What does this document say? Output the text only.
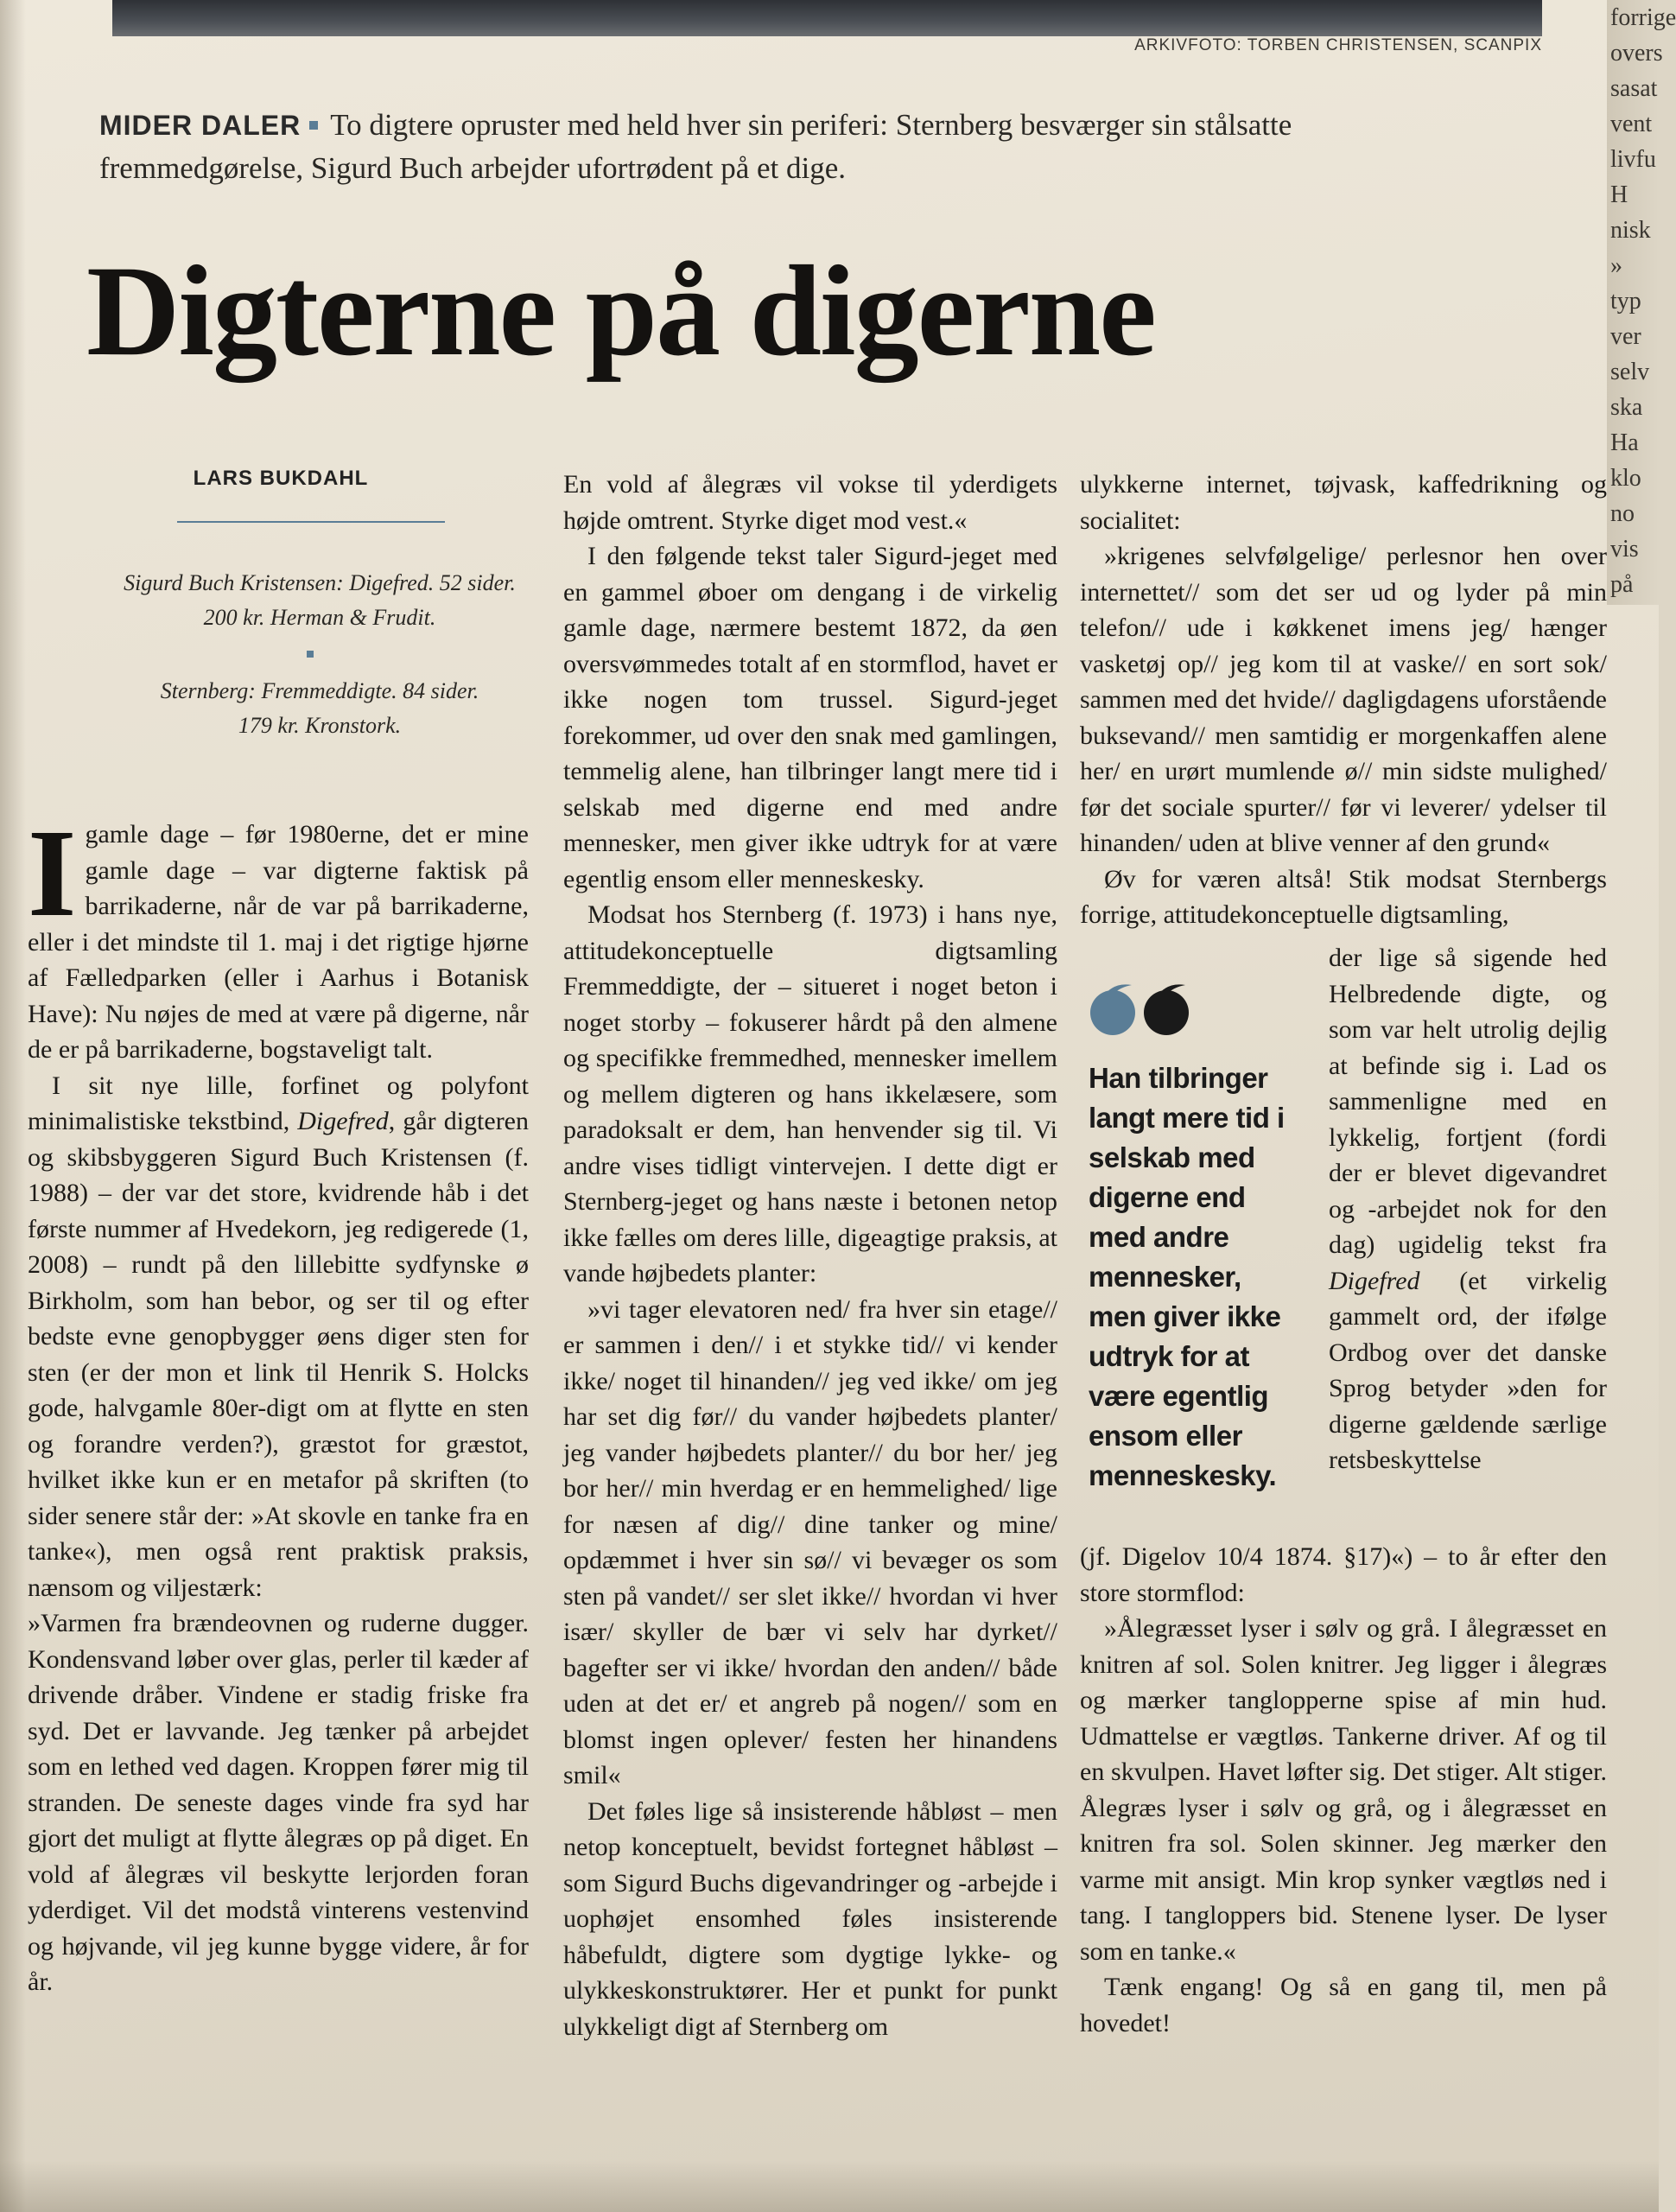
ARKIVFOTO: TORBEN CHRISTENSEN, SCANPIX
forrige
overs
sasat
vent
livfu
H
nisk
»
typ
ver
selv
ska
Ha
klo
no
vis
på
MIDER DALER To digtere opruster med held hver sin periferi: Sternberg besværger sin stålsatte fremmedgørelse, Sigurd Buch arbejder ufortrødent på et dige.
Digterne på digerne
LARS BUKDAHL
Sigurd Buch Kristensen: Digefred. 52 sider.
200 kr. Herman & Frudit.
Sternberg: Fremmeddigte. 84 sider.
179 kr. Kronstork.

I gamle dage – før 1980erne, det er mine gamle dage – var digterne faktisk på barrikaderne, når de var på barrikaderne, eller i det mindste til 1. maj i det rigtige hjørne af Fælledparken (eller i Aarhus i Botanisk Have): Nu nøjes de med at være på digerne, når de er på barrikaderne, bogstaveligt talt.

I sit nye lille, forfinet og polyfont minimalistiske tekstbind, Digefred, går digteren og skibsbyggeren Sigurd Buch Kristensen (f. 1988) – der var det store, kvidrende håb i det første nummer af Hvedekorn, jeg redigerede (1, 2008) – rundt på den lillebitte sydfynske ø Birkholm, som han bebor, og ser til og efter bedste evne genopbygger øens diger sten for sten (er der mon et link til Henrik S. Holcks gode, halvgamle 80er-digt om at flytte en sten og forandre verden?), græstot for græstot, hvilket ikke kun er en metafor på skriften (to sider senere står der: »At skovle en tanke fra en tanke«), men også rent praktisk praksis, nænsom og viljestærk:

»Varmen fra brændeovnen og ruderne dugger. Kondensvand løber over glas, perler til kæder af drivende dråber. Vindene er stadig friske fra syd. Det er lavvande. Jeg tænker på arbejdet som en lethed ved dagen. Kroppen fører mig til stranden. De seneste dages vinde fra syd har gjort det muligt at flytte ålegræs op på diget. En vold af ålegræs vil beskytte lerjorden foran yderdiget. Vil det modstå vinterens vestenvind og højvande, vil jeg kunne bygge videre, år for år.

En vold af ålegræs vil vokse til yderdigets højde omtrent. Styrke diget mod vest.«

I den følgende tekst taler Sigurd-jeget med en gammel øboer om dengang i de virkelig gamle dage, nærmere bestemt 1872, da øen oversvømmedes totalt af en stormflod, havet er ikke nogen tom trussel. Sigurd-jeget forekommer, ud over den snak med gamlingen, temmelig alene, han tilbringer langt mere tid i selskab med digerne end med andre mennesker, men giver ikke udtryk for at være egentlig ensom eller menneskesky.

Modsat hos Sternberg (f. 1973) i hans nye, attitudekonceptuelle digtsamling Fremmeddigte, der – situeret i noget beton i noget storby – fokuserer hårdt på den almene og specifikke fremmedhed, mennesker imellem og mellem digteren og hans ikkelæsere, som paradoksalt er dem, han henvender sig til. Vi andre vises tidligt vintervejen. I dette digt er Sternberg-jeget og hans næste i betonen netop ikke fælles om deres lille, digeagtige praksis, at vande højbedets planter:

»vi tager elevatoren ned/ fra hver sin etage// er sammen i den// i et stykke tid// vi kender ikke/ noget til hinanden// jeg ved ikke/ om jeg har set dig før// du vander højbedets planter/ jeg vander højbedets planter// du bor her/ jeg bor her// min hverdag er en hemmelighed/ lige for næsen af dig// dine tanker og mine/ opdæmmet i hver sin sø// vi bevæger os som sten på vandet// ser slet ikke// hvordan vi hver især/ skyller de bær vi selv har dyrket// bagefter ser vi ikke/ hvordan den anden// både uden at det er/ et angreb på nogen// som en blomst ingen oplever/ festen her hinandens smil«

Det føles lige så insisterende håbløst – men netop konceptuelt, bevidst fortegnet håbløst – som Sigurd Buchs digevandringer og -arbejde i uophøjet ensomhed føles insisterende håbefuldt, digtere som dygtige lykke- og ulykkeskonstruktører. Her et punkt for punkt ulykkeligt digt af Sternberg om

ulykkerne internet, tøjvask, kaffedrikning og socialitet:

»krigenes selvfølgelige/ perlesnor hen over internettet// som det ser ud og lyder på min telefon// ude i køkkenet imens jeg/ hænger vasketøj op// jeg kom til at vaske// en sort sok/ sammen med det hvide// dagligdagens uforstående buksevand// men samtidig er morgenkaffen alene her/ en urørt mumlende ø// min sidste mulighed/ før det sociale spurter// før vi leverer/ ydelser til hinanden/ uden at blive venner af den grund«

Øv for væren altså! Stik modsat Sternbergs forrige, attitudekonceptuelle digtsamling,

Han tilbringer langt mere tid i selskab med digerne end med andre mennesker, men giver ikke udtryk for at være egentlig ensom eller menneskesky.

der lige så sigende hed Helbredende digte, og som var helt utrolig dejlig at befinde sig i. Lad os sammenligne med en lykkelig, fortjent (fordi der er blevet digevandret og -arbejdet nok for den dag) ugidelig tekst fra Digefred (et virkelig gammelt ord, der ifølge Ordbog over det danske Sprog betyder »den for digerne gældende særlige retsbeskyttelse

(jf. Digelov 10/4 1874. §17)«) – to år efter den store stormflod:

»Ålegræsset lyser i sølv og grå. I ålegræsset en knitren af sol. Solen knitrer. Jeg ligger i ålegræs og mærker tanglopperne spise af min hud. Udmattelse er vægtløs. Tankerne driver. Af og til en skvulpen. Havet løfter sig. Det stiger. Alt stiger. Ålegræs lyser i sølv og grå, og i ålegræsset en knitren fra sol. Solen skinner. Jeg mærker den varme mit ansigt. Min krop synker vægtløs ned i tang. I tangloppers bid. Stenene lyser. De lyser som en tanke.«

Tænk engang! Og så en gang til, men på hovedet!
